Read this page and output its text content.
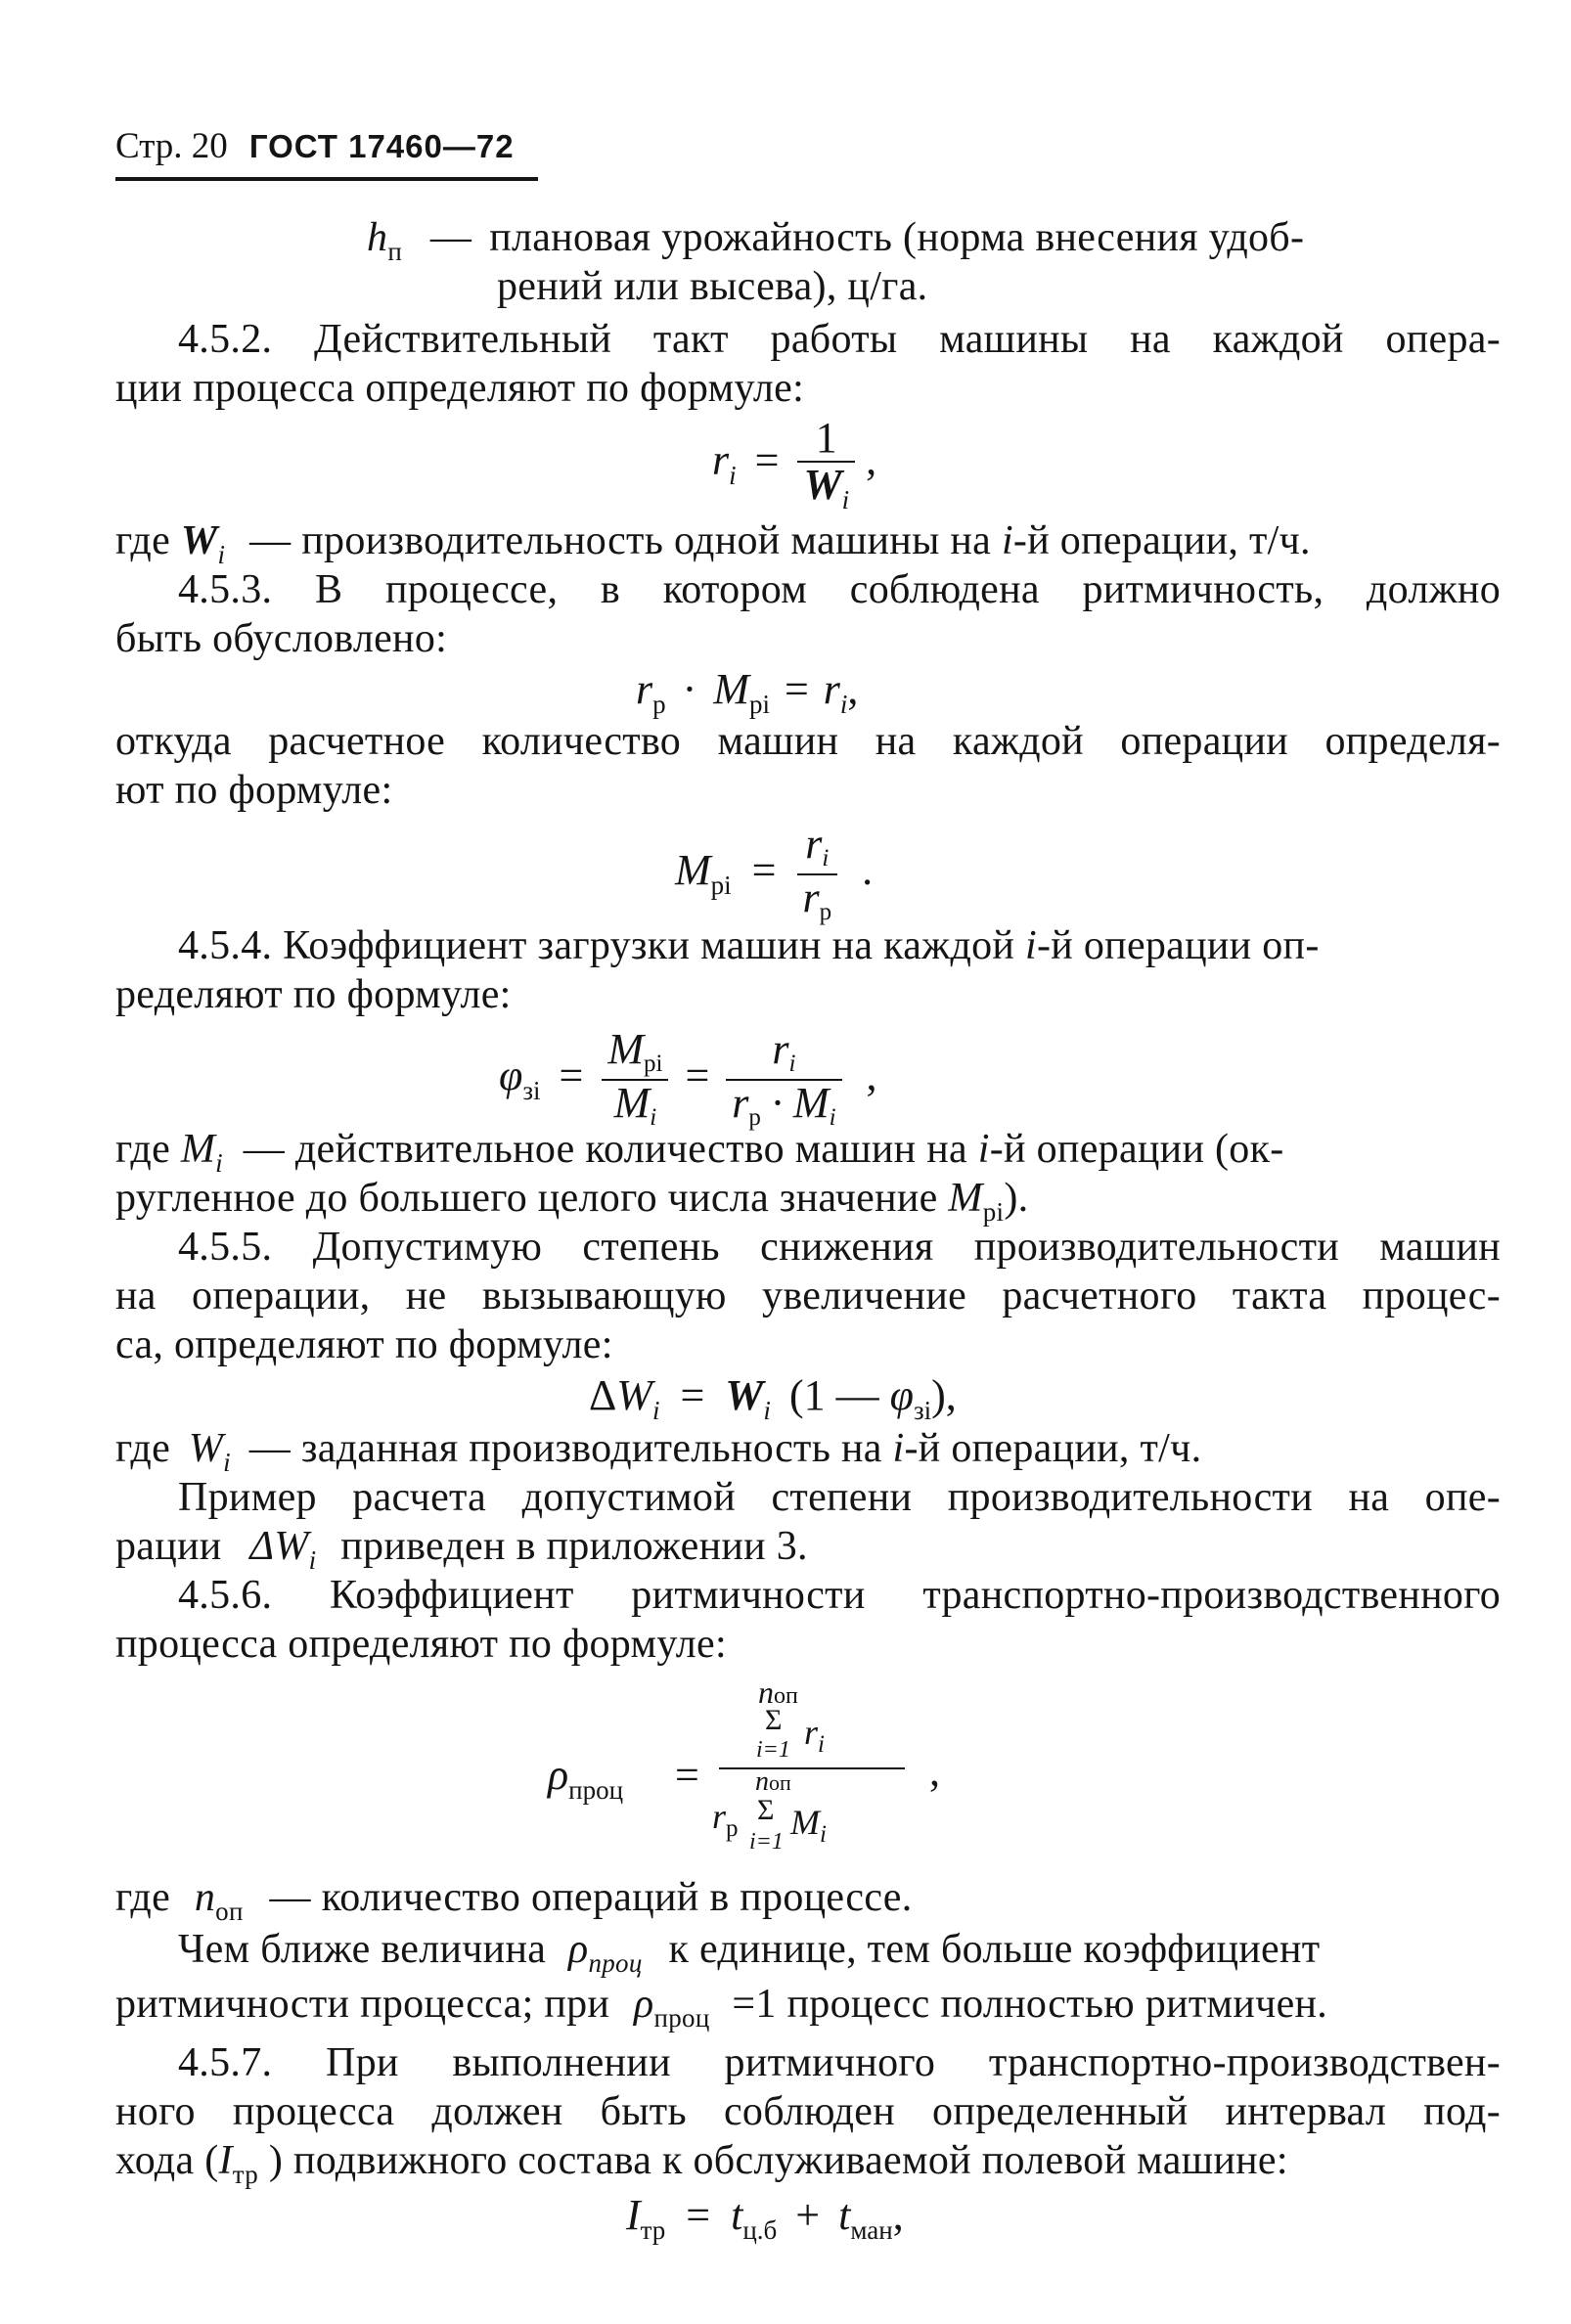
Стр. 20 ГОСТ 17460—72
$h_п$ — плановая урожайность (норма внесения удоб-
рений или высева), ц/га.
4.5.2. Действительный такт работы машины на каждой опера-
ции процесса определяют по формуле:
$r_i = \frac{1}{W_i}$ ,
где $W_i$ — производительность одной машины на i-й операции, т/ч.
4.5.3. В процессе, в котором соблюдена ритмичность, должно
быть обусловлено:
$r_р \cdot M_{pi} = r_i$,
откуда расчетное количество машин на каждой операции определя-
ют по формуле:
$M_{pi} = \frac{ri}{rр}$ .
4.5.4. Коэффициент загрузки машин на каждой i-й операции оп-
ределяют по формуле:
$\varphi_{зi} = \frac{\text{Mpi}}{Mi} = \frac{ri}{rр \cdot Mi}$ ,
где $M_i$ — действительное количество машин на i-й операции (ок-
ругленное до большего целого числа значение $M_{pi}$).
4.5.5. Допустимую степень снижения производительности машин
на операции, не вызывающую увеличение расчетного такта процес-
са, определяют по формуле:
$\Delta W_i = W_i$ (1 — $\varphi_{зi}$),
где $W_i$ — заданная производительность на i-й операции, т/ч.
Пример расчета допустимой степени производительности на опе-
рации $\Delta W_i$ приведен в приложении 3.
4.5.6. Коэффициент ритмичности транспортно-производственного
процесса определяют по формуле:
$\rho_{проц}$ =
nоп
Σ $r_i$
i=1
nоп
$r_р$
Σ $M_i$
i=1
,
где $n_{оп}$ — количество операций в процессе.
Чем ближе величина $\rho_{проц}$ к единице, тем больше коэффициент
ритмичности процесса; при $\rho_{проц} =1$ процесс полностью ритмичен.
4.5.7. При выполнении ритмичного транспортно-производствен-
ного процесса должен быть соблюден определенный интервал под-
хода ($I_{тр}$ ) подвижного состава к обслуживаемой полевой машине:
$I_{тр} = t_{ц.б} + t_{ман}$,
